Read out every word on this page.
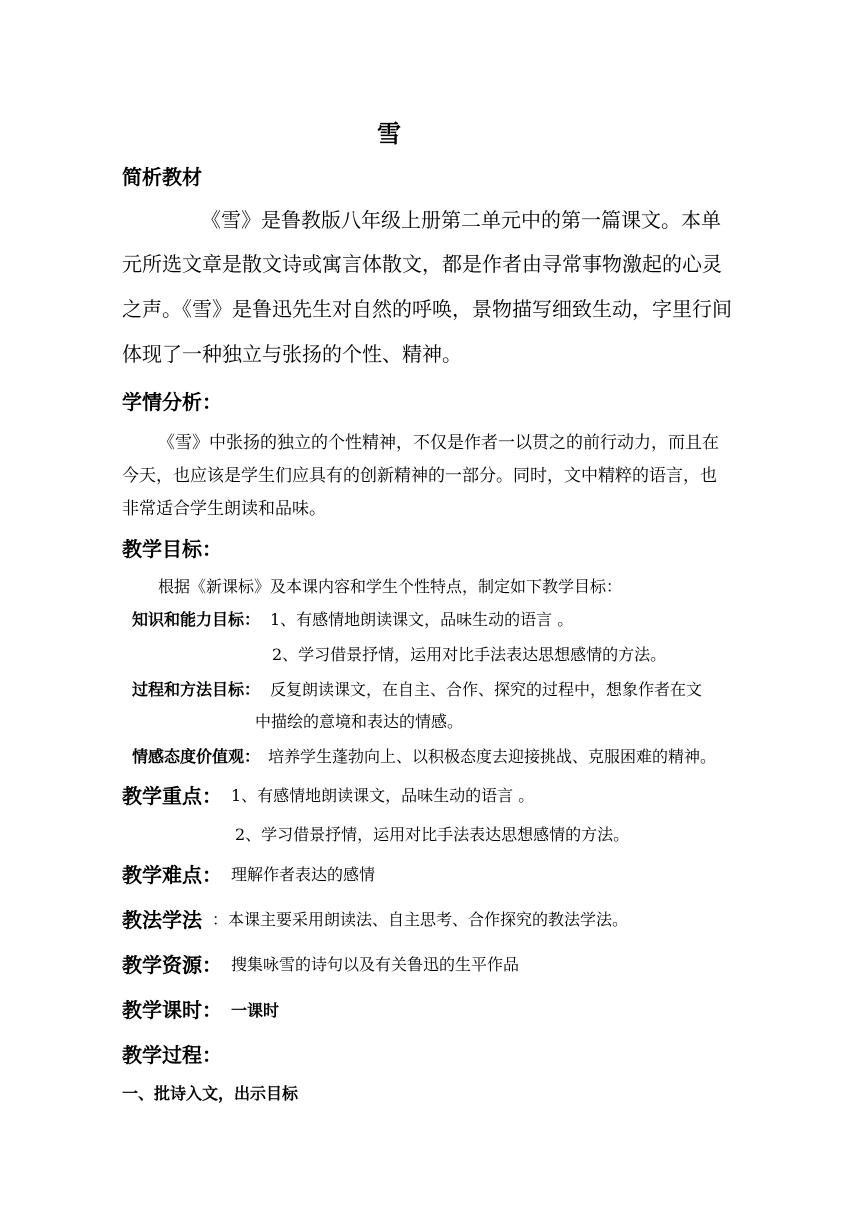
雪
简析教材
《雪》是鲁教版八年级上册第二单元中的第一篇课文。本单
元所选文章是散文诗或寓言体散文，都是作者由寻常事物激起的心灵
之声。《雪》是鲁迅先生对自然的呼唤，景物描写细致生动，字里行间
体现了一种独立与张扬的个性、精神。
学情分析：
《雪》中张扬的独立的个性精神，不仅是作者一以贯之的前行动力，而且在
今天，也应该是学生们应具有的创新精神的一部分。同时，文中精粹的语言，也
非常适合学生朗读和品味。
教学目标：
根据《新课标》及本课内容和学生个性特点，制定如下教学目标：
知识和能力目标： 1、有感情地朗读课文，品味生动的语言 。
2、学习借景抒情，运用对比手法表达思想感情的方法。
过程和方法目标： 反复朗读课文，在自主、合作、探究的过程中，想象作者在文
中描绘的意境和表达的情感。
情感态度价值观： 培养学生蓬勃向上、以积极态度去迎接挑战、克服困难的精神。
教学重点： 1、有感情地朗读课文，品味生动的语言 。
2、学习借景抒情，运用对比手法表达思想感情的方法。
教学难点： 理解作者表达的感情
教法学法 ：本课主要采用朗读法、自主思考、合作探究的教法学法。
教学资源： 搜集咏雪的诗句以及有关鲁迅的生平作品
教学课时： 一课时
教学过程：
一、批诗入文，出示目标
